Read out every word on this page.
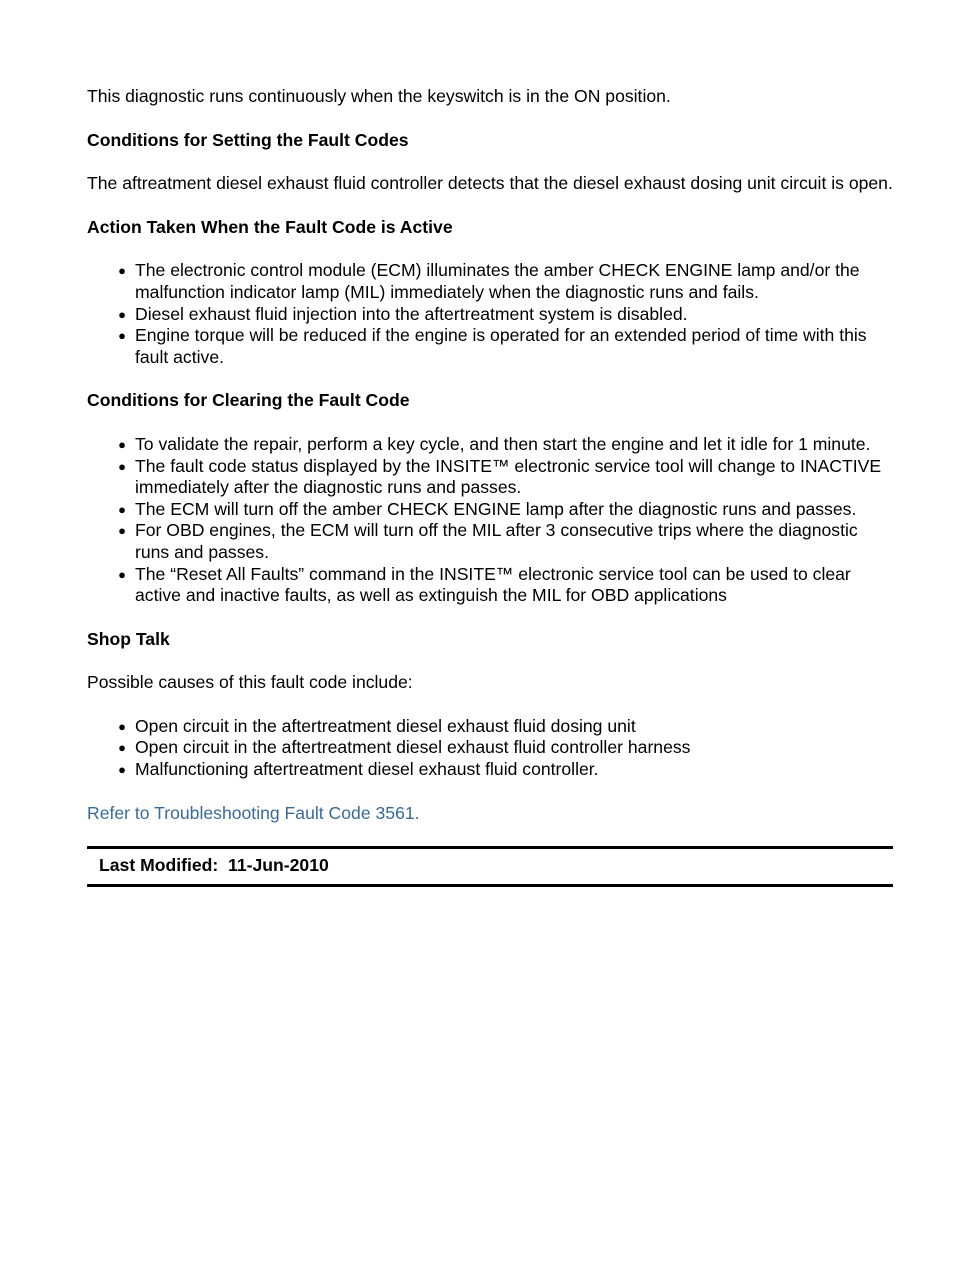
This diagnostic runs continuously when the keyswitch is in the ON position.

Conditions for Setting the Fault Codes

The aftreatment diesel exhaust fluid controller detects that the diesel exhaust dosing unit circuit is open.

Action Taken When the Fault Code is Active

● The electronic control module (ECM) illuminates the amber CHECK ENGINE lamp and/or the malfunction indicator lamp (MIL) immediately when the diagnostic runs and fails.
● Diesel exhaust fluid injection into the aftertreatment system is disabled.
● Engine torque will be reduced if the engine is operated for an extended period of time with this fault active.

Conditions for Clearing the Fault Code

● To validate the repair, perform a key cycle, and then start the engine and let it idle for 1 minute.
● The fault code status displayed by the INSITE™ electronic service tool will change to INACTIVE immediately after the diagnostic runs and passes.
● The ECM will turn off the amber CHECK ENGINE lamp after the diagnostic runs and passes.
● For OBD engines, the ECM will turn off the MIL after 3 consecutive trips where the diagnostic runs and passes.
● The “Reset All Faults” command in the INSITE™ electronic service tool can be used to clear active and inactive faults, as well as extinguish the MIL for OBD applications

Shop Talk

Possible causes of this fault code include:

● Open circuit in the aftertreatment diesel exhaust fluid dosing unit
● Open circuit in the aftertreatment diesel exhaust fluid controller harness
● Malfunctioning aftertreatment diesel exhaust fluid controller.
Refer to Troubleshooting Fault Code 3561.
Last Modified: 11-Jun-2010
